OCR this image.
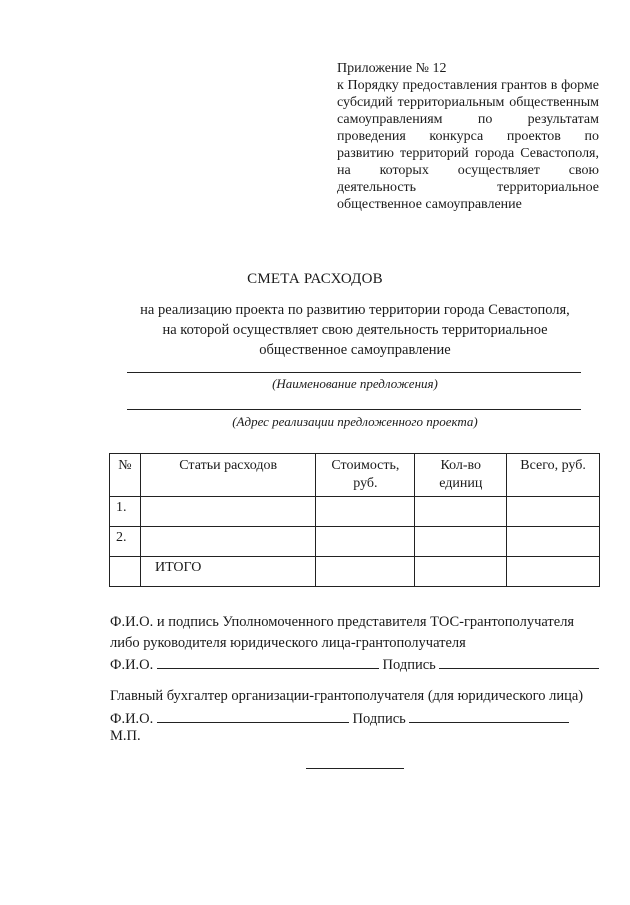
Приложение № 12
к Порядку предоставления грантов в форме субсидий территориальным общественным самоуправлениям по результатам проведения конкурса проектов по развитию территорий города Севастополя, на которых осуществляет свою деятельность территориальное общественное самоуправление
СМЕТА РАСХОДОВ
на реализацию проекта по развитию территории города Севастополя,
на которой осуществляет свою деятельность территориальное
общественное самоуправление
(Наименование предложения)
(Адрес реализации предложенного проекта)
№	Статьи расходов	Стоимость, руб.	Кол-во единиц	Всего, руб.
1.				
2.				
	ИТОГО			
Ф.И.О. и подпись Уполномоченного представителя ТОС-грантополучателя
либо руководителя юридического лица-грантополучателя
Ф.И.О.	Подпись
Главный бухгалтер организации-грантополучателя (для юридического лица)
Ф.И.О.	Подпись
М.П.
